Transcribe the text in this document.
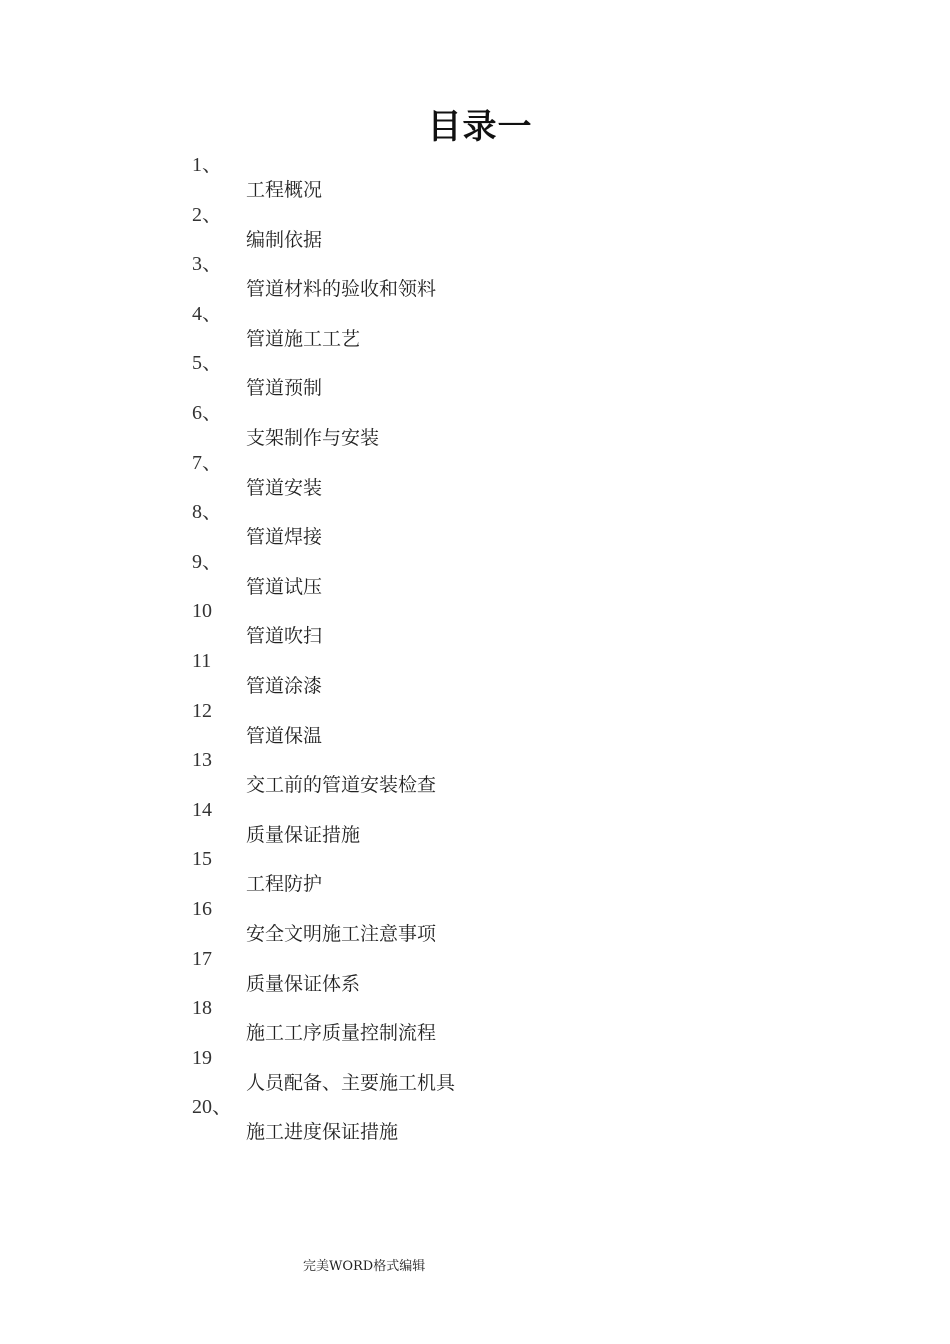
目录一
1、
工程概况
2、
编制依据
3、
管道材料的验收和领料
4、
管道施工工艺
5、
管道预制
6、
支架制作与安装
7、
管道安装
8、
管道焊接
9、
管道试压
10
管道吹扫
11
管道涂漆
12
管道保温
13
交工前的管道安装检查
14
质量保证措施
15
工程防护
16
安全文明施工注意事项
17
质量保证体系
18
施工工序质量控制流程
19
人员配备、主要施工机具
20、
施工进度保证措施
完美WORD格式编辑
